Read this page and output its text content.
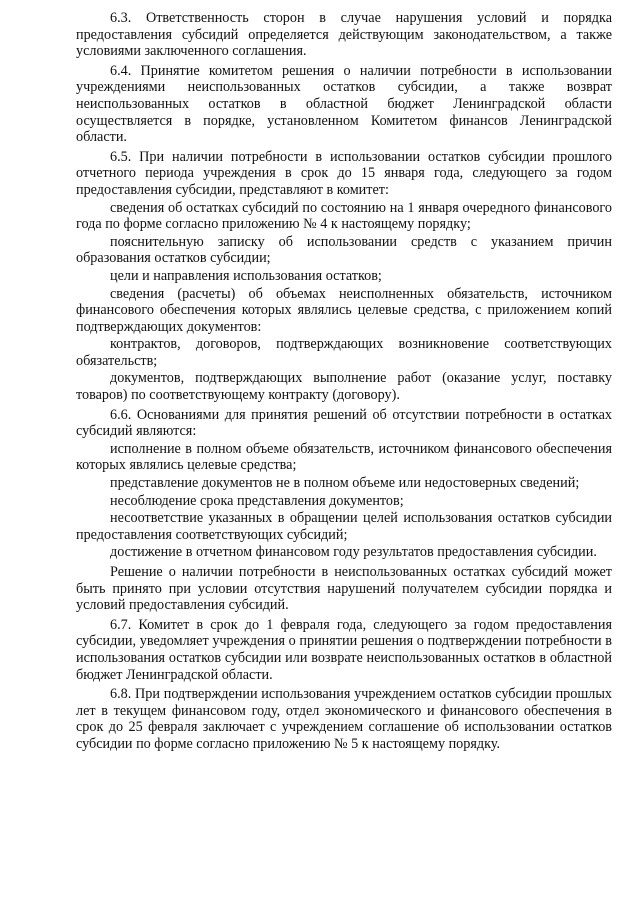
6.3. Ответственность сторон в случае нарушения условий и порядка предоставления субсидий определяется действующим законодательством, а также условиями заключенного соглашения.

6.4. Принятие комитетом решения о наличии потребности в использовании учреждениями неиспользованных остатков субсидии, а также возврат неиспользованных остатков в областной бюджет Ленинградской области осуществляется в порядке, установленном Комитетом финансов Ленинградской области.

6.5. При наличии потребности в использовании остатков субсидии прошлого отчетного периода учреждения в срок до 15 января года, следующего за годом предоставления субсидии, представляют в комитет:

сведения об остатках субсидий по состоянию на 1 января очередного финансового года по форме согласно приложению № 4 к настоящему порядку;

пояснительную записку об использовании средств с указанием причин образования остатков субсидии;

цели и направления использования остатков;

сведения (расчеты) об объемах неисполненных обязательств, источником финансового обеспечения которых являлись целевые средства, с приложением копий подтверждающих документов:

контрактов, договоров, подтверждающих возникновение соответствующих обязательств;

документов, подтверждающих выполнение работ (оказание услуг, поставку товаров) по соответствующему контракту (договору).

6.6. Основаниями для принятия решений об отсутствии потребности в остатках субсидий являются:

исполнение в полном объеме обязательств, источником финансового обеспечения которых являлись целевые средства;

представление документов не в полном объеме или недостоверных сведений;

несоблюдение срока представления документов;

несоответствие указанных в обращении целей использования остатков субсидии предоставления соответствующих субсидий;

достижение в отчетном финансовом году результатов предоставления субсидии.

Решение о наличии потребности в неиспользованных остатках субсидий может быть принято при условии отсутствия нарушений получателем субсидии порядка и условий предоставления субсидий.

6.7. Комитет в срок до 1 февраля года, следующего за годом предоставления субсидии, уведомляет учреждения о принятии решения о подтверждении потребности в использования остатков субсидии или возврате неиспользованных остатков в областной бюджет Ленинградской области.

6.8. При подтверждении использования учреждением остатков субсидии прошлых лет в текущем финансовом году, отдел экономического и финансового обеспечения в срок до 25 февраля заключает с учреждением соглашение об использовании остатков субсидии по форме согласно приложению № 5 к настоящему порядку.
